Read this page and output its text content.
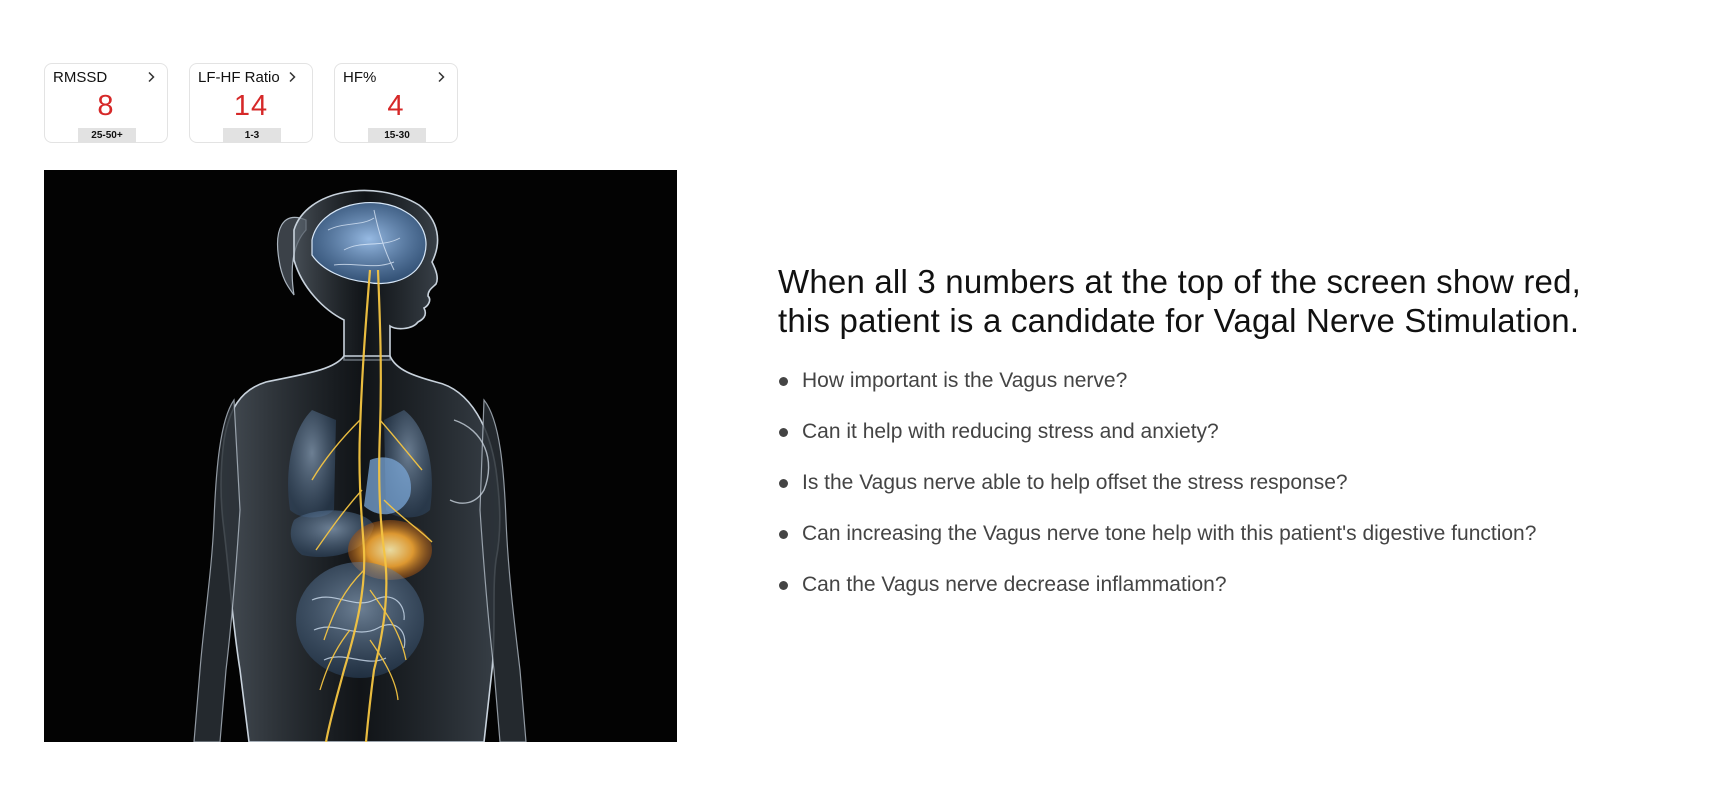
RMSSD
8
25-50+
LF-HF Ratio
14
1-3
HF%
4
15-30
When all 3 numbers at the top of the screen show red,
this patient is a candidate for Vagal Nerve Stimulation.
How important is the Vagus nerve?
Can it help with reducing stress and anxiety?
Is the Vagus nerve able to help offset the stress response?
Can increasing the Vagus nerve tone help with this patient's digestive function?
Can the Vagus nerve decrease inflammation?
